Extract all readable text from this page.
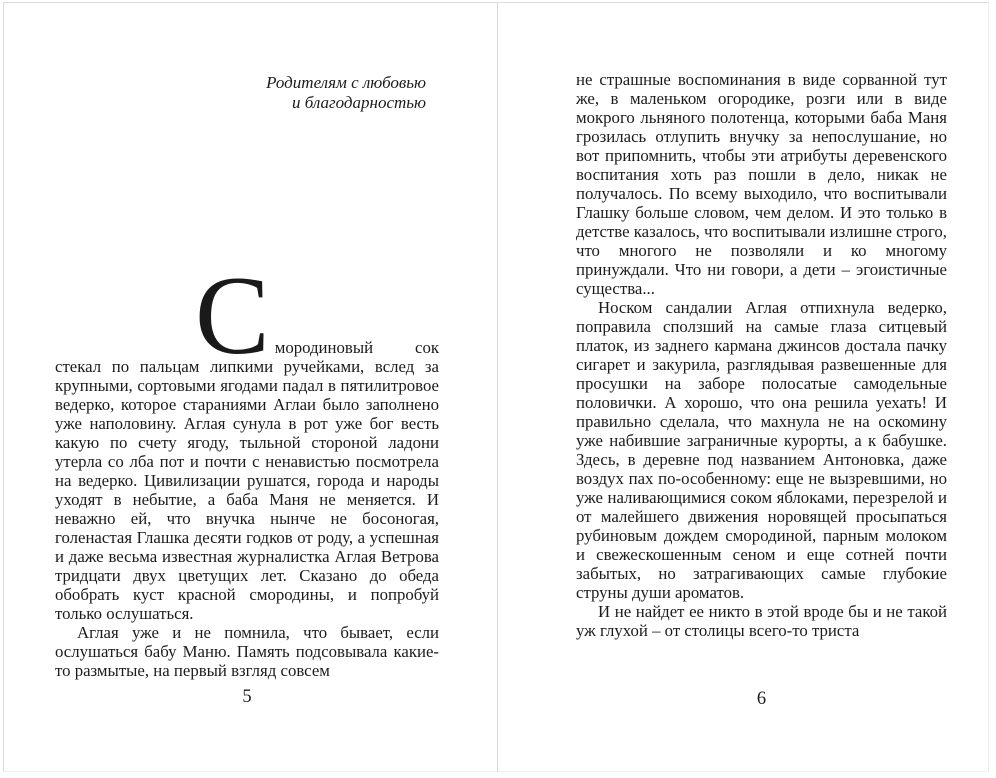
Родителям с любовью
и благодарностью

Смородиновый сок стекал по пальцам липкими ручейками, вслед за крупными, сортовыми ягодами падал в пятилитровое ведерко, которое стараниями Аглаи было заполнено уже наполовину. Аглая сунула в рот уже бог весть какую по счету ягоду, тыльной стороной ладони утерла со лба пот и почти с ненавистью посмотрела на ведерко. Цивилизации рушатся, города и народы уходят в небытие, а баба Маня не меняется. И неважно ей, что внучка нынче не босоногая, голенастая Глашка десяти годков от роду, а успешная и даже весьма известная журналистка Аглая Ветрова тридцати двух цветущих лет. Сказано до обеда обобрать куст красной смородины, и попробуй только ослушаться.

Аглая уже и не помнила, что бывает, если ослушаться бабу Маню. Память подсовывала какие-то размытые, на первый взгляд совсем

5

не страшные воспоминания в виде сорванной тут же, в маленьком огородике, розги или в виде мокрого льняного полотенца, которыми баба Маня грозилась отлупить внучку за непослушание, но вот припомнить, чтобы эти атрибуты деревенского воспитания хоть раз пошли в дело, никак не получалось. По всему выходило, что воспитывали Глашку больше словом, чем делом. И это только в детстве казалось, что воспитывали излишне строго, что многого не позволяли и ко многому принуждали. Что ни говори, а дети – эгоистичные существа...

Носком сандалии Аглая отпихнула ведерко, поправила сползший на самые глаза ситцевый платок, из заднего кармана джинсов достала пачку сигарет и закурила, разглядывая развешенные для просушки на заборе полосатые самодельные половички. А хорошо, что она решила уехать! И правильно сделала, что махнула не на оскомину уже набившие заграничные курорты, а к бабушке. Здесь, в деревне под названием Антоновка, даже воздух пах по-особенному: еще не вызревшими, но уже наливающимися соком яблоками, перезрелой и от малейшего движения норовящей просыпаться рубиновым дождем смородиной, парным молоком и свежескошенным сеном и еще сотней почти забытых, но затрагивающих самые глубокие струны души ароматов.

И не найдет ее никто в этой вроде бы и не такой уж глухой – от столицы всего-то триста

6
